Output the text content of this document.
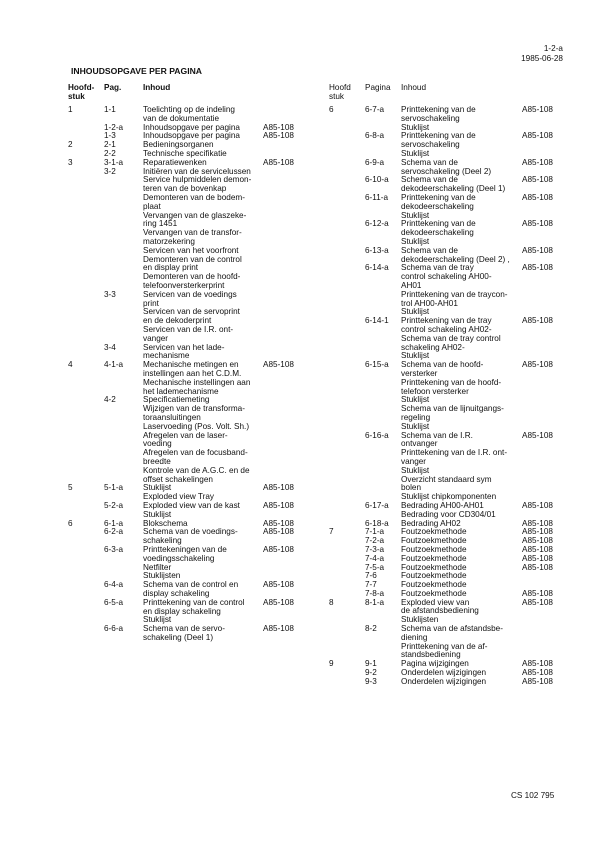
1-2-a
1985-06-28
INHOUDSOPGAVE PER PAGINA
Hoofd-
stuk
Pag.	Inhoud
1	1-1	Toelichting op de indeling
van de dokumentatie
1-2-a Inhoudsopgave per pagina	A85-108
1-3	Inhoudsopgave per pagina	A85-108
2	2-1	Bedieningsorganen
2-2	Technische specifikatie
3	3-1-a Reparatiewenken	A85-108
3-2	Initiëren van de servicelussen
Service hulpmiddelen demon-
teren van de bovenkap
Demonteren van de bodem-
plaat
Vervangen van de glaszeke-
ring 1451
Vervangen van de transfor-
matorzekering
Servicen van het voorfront
Demonteren van de control
en display print
Demonteren van de hoofd-
telefoonversterkerprint
3-3	Servicen van de voedings
print
Servicen van de servoprint
en de dekoderprint
Servicen van de I.R. ont-
vanger
3-4	Servicen van het lade-
mechanisme
4	4-1-a Mechanische metingen en
instellingen aan het C.D.M.
Mechanische instellingen aan
het lademechanisme
A85-108
4-2	Specificatiemeting
Wijzigen van de transforma-
toraansluitingen
Laservoeding (Pos. Volt. Sh.)
Afregelen van de laser-
voeding
Afregelen van de focusband-
breedte
Kontrole van de A.G.C. en de
offset schakelingen
5	5-1-a Stuklijst
Exploded view Tray
A85-108
5-2-a Exploded view van de kast
Stuklijst
A85-108
6	6-1-a Blokschema	A85-108
6-2-a Schema van de voedings-
schakeling
A85-108
6-3-a Printtekeningen van de
voedingsschakeling
Netfilter
Stuklijsten
A85-108
6-4-a Schema van de control en
display schakeling
A85-108
6-5-a Printtekening van de control
en display schakeling
Stuklijst
A85-108
6-6-a Schema van de servo-
schakeling (Deel 1)
A85-108
Hoofd
stuk
Pagina Inhoud
6	6-7-a Printtekening van de
servoschakeling
Stuklijst
A85-108
6-8-a Printtekening van de
servoschakeling
Stuklijst
A85-108
6-9-a Schema van de
servoschakeling (Deel 2)
A85-108
6-10-a Schema van de
dekodeerschakeling (Deel 1)
A85-108
6-11-a Printtekening van de
dekodeerschakeling
Stuklijst
A85-108
6-12-a Printtekening van de
dekodeerschakeling
Stuklijst
A85-108
6-13-a Schema van de
dekodeerschakeling (Deel 2) ,
A85-108
6-14-a Schema van de tray
control schakeling AH00-
AH01
Printtekening van de traycon-
trol AH00-AH01
Stuklijst
A85-108
6-14-1 Printtekening van de tray
control schakeling AH02-
Schema van de tray control
schakeling AH02-
Stuklijst
A85-108
6-15-a Schema van de hoofd-
versterker
Printtekening van de hoofd-
telefoon versterker
Stuklijst
Schema van de lijnuitgangs-
regeling
Stuklijst
A85-108
6-16-a Schema van de I.R.
ontvanger
Printtekening van de I.R. ont-
vanger
Stuklijst
Overzicht standaard sym
bolen
Stuklijst chipkomponenten
A85-108
6-17-a Bedrading AH00-AH01
Bedrading voor CD304/01
A85-108
6-18-a Bedrading AH02	A85-108
7	7-1-a Foutzoekmethode	A85-108
7-2-a Foutzoekmethode	A85-108
7-3-a Foutzoekmethode	A85-108
7-4-a Foutzoekmethode	A85-108
7-5-a Foutzoekmethode	A85-108
7-6	Foutzoekmethode
7-7	Foutzoekmethode
7-8-a Foutzoekmethode	A85-108
8	8-1-a Exploded view van
de afstandsbediening
Stuklijsten
A85-108
8-2	Schema van de afstandsbe-
diening
Printtekening van de af-
standsbediening
9	9-1	Pagina wijzigingen	A85-108
9-2	Onderdelen wijzigingen	A85-108
9-3	Onderdelen wijzigingen	A85-108
CS 102 795
